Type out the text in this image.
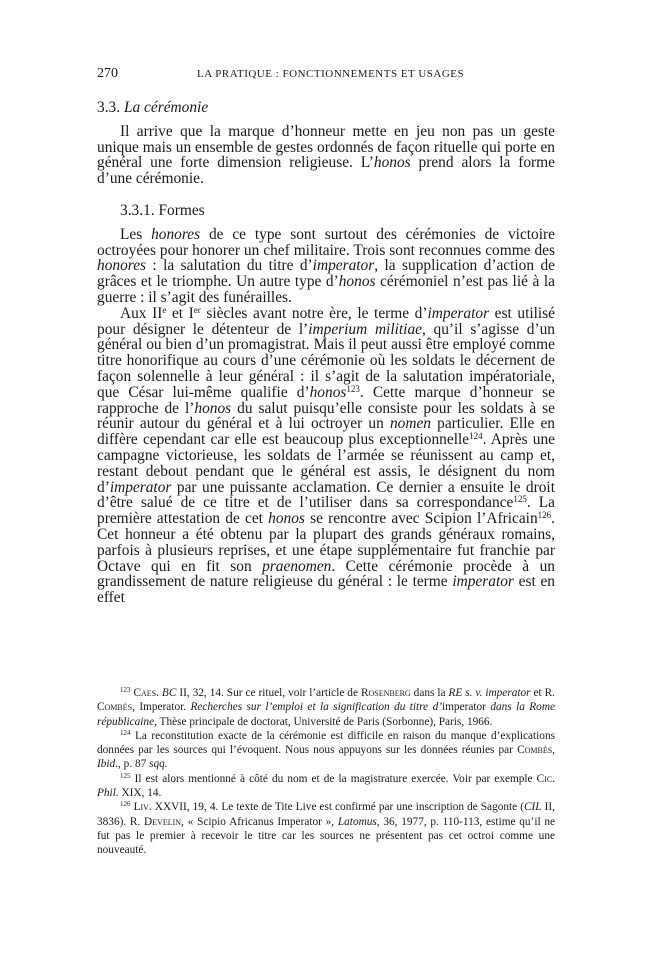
270	LA PRATIQUE : FONCTIONNEMENTS ET USAGES
3.3. La cérémonie

Il arrive que la marque d’honneur mette en jeu non pas un geste unique mais un ensemble de gestes ordonnés de façon rituelle qui porte en général une forte dimension religieuse. L’honos prend alors la forme d’une cérémonie.

3.3.1. Formes

Les honores de ce type sont surtout des cérémonies de victoire octroyées pour honorer un chef militaire. Trois sont reconnues comme des honores : la salutation du titre d’imperator, la supplication d’action de grâces et le triomphe. Un autre type d’honos cérémoniel n’est pas lié à la guerre : il s’agit des funérailles.

Aux IIe et Ier siècles avant notre ère, le terme d’imperator est utilisé pour désigner le détenteur de l’imperium militiae, qu’il s’agisse d’un général ou bien d’un promagistrat. Mais il peut aussi être employé comme titre honorifique au cours d’une cérémonie où les soldats le décernent de façon solennelle à leur général : il s’agit de la salutation impératoriale, que César lui-même qualifie d’honos$^{123}$. Cette marque d’honneur se rapproche de l’honos du salut puisqu’elle consiste pour les soldats à se réunir autour du général et à lui octroyer un nomen particulier. Elle en diffère cependant car elle est beaucoup plus exceptionnelle$^{124}$. Après une campagne victorieuse, les soldats de l’armée se réunissent au camp et, restant debout pendant que le général est assis, le désignent du nom d’imperator par une puissante acclamation. Ce dernier a ensuite le droit d’être salué de ce titre et de l’utiliser dans sa correspondance$^{125}$. La première attestation de cet honos se rencontre avec Scipion l’Africain$^{126}$. Cet honneur a été obtenu par la plupart des grands généraux romains, parfois à plusieurs reprises, et une étape supplémentaire fut franchie par Octave qui en fit son praenomen. Cette cérémonie procède à un grandissement de nature religieuse du général : le terme imperator est en effet

$^{123}$ Caes. BC II, 32, 14. Sur ce rituel, voir l’article de Rosenberg dans la RE s. v. imperator et R. Combès, Imperator. Recherches sur l’emploi et la signification du titre d’imperator dans la Rome républicaine, Thèse principale de doctorat, Université de Paris (Sorbonne), Paris, 1966.

$^{124}$ La reconstitution exacte de la cérémonie est difficile en raison du manque d’explications données par les sources qui l’évoquent. Nous nous appuyons sur les données réunies par Combès, Ibid., p. 87 sqq.

$^{125}$ Il est alors mentionné à côté du nom et de la magistrature exercée. Voir par exemple Cic. Phil. XIX, 14.

$^{126}$ Liv. XXVII, 19, 4. Le texte de Tite Live est confirmé par une inscription de Sagonte (CIL II, 3836). R. Develin, « Scipio Africanus Imperator », Latomus, 36, 1977, p. 110-113, estime qu’il ne fut pas le premier à recevoir le titre car les sources ne présentent pas cet octroi comme une nouveauté.
